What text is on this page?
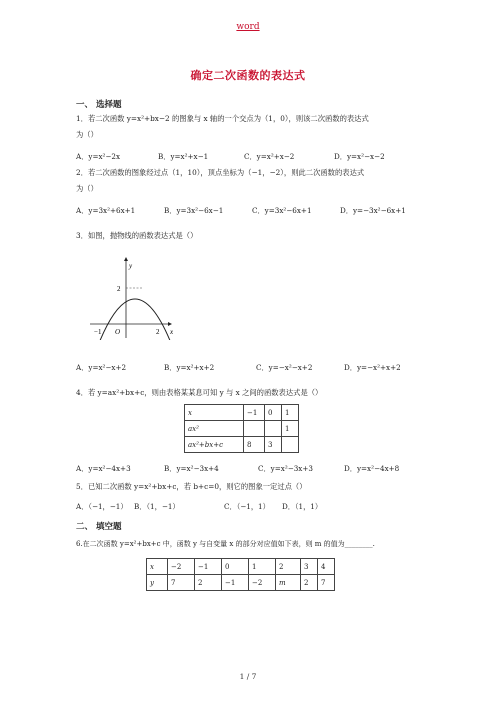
word
确定二次函数的表达式
一、 选择题
1．若二次函数 y=x²+bx−2 的图象与 x 轴的一个交点为（1，0），则该二次函数的表达式
为（）
A．y=x²−2x	B．y=x²+x−1	C．y=x²+x−2	D．y=x²−x−2
2．若二次函数的图象经过点（1，10），顶点坐标为（−1，−2），则此二次函数的表达式
为（）
A．y=3x²+6x+1	B．y=3x²−6x−1	C．y=3x²−6x+1	D．y=−3x²−6x+1
3．如图，抛物线的函数表达式是（）
y
x
O
2
−1	2
A．y=x²−x+2	B．y=x²+x+2	C．y=−x²−x+2	D．y=−x²+x+2
4．若 y=ax²+bx+c，则由表格某某息可知 y 与 x 之间的函数表达式是（）
x	−1	0	1
ax²			1
ax²+bx+c	8	3	
A．y=x²−4x+3	B．y=x²−3x+4	C．y=x²−3x+3	D．y=x²−4x+8
5．已知二次函数 y=x²+bx+c，若 b+c=0，则它的图象一定过点（）
A．（−1，−1） B．（1，−1）	C．（−1，1） D．（1，1）
二、 填空题
6.在二次函数 y=x²+bx+c 中，函数 y 与自变量 x 的部分对应值如下表，则 m 的值为________.
x	−2	−1	0	1	2	3	4
y	7	2	−1	−2	m	2	7
1 / 7
